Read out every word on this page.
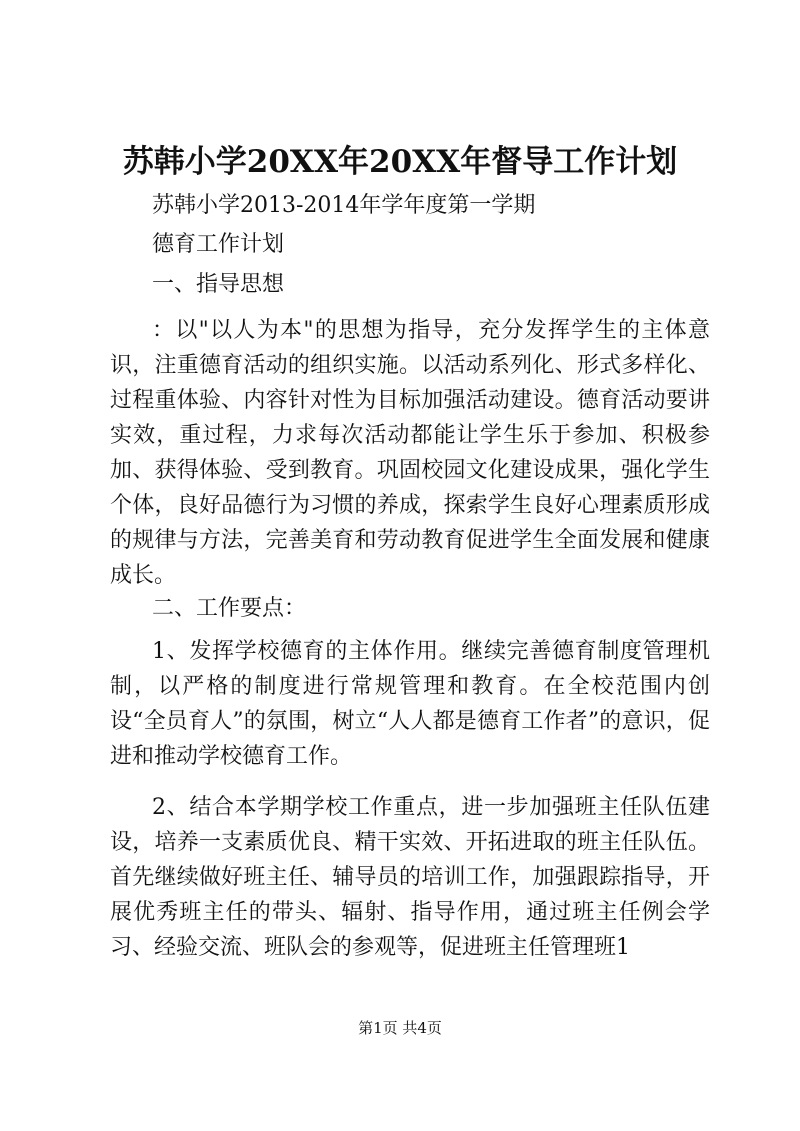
苏韩小学20XX年20XX年督导工作计划
苏韩小学2013-2014年学年度第一学期
德育工作计划
一、指导思想
：以"以人为本"的思想为指导，充分发挥学生的主体意识，注重德育活动的组织实施。以活动系列化、形式多样化、过程重体验、内容针对性为目标加强活动建设。德育活动要讲实效，重过程，力求每次活动都能让学生乐于参加、积极参加、获得体验、受到教育。巩固校园文化建设成果，强化学生个体，良好品德行为习惯的养成，探索学生良好心理素质形成的规律与方法，完善美育和劳动教育促进学生全面发展和健康成长。
二、工作要点：
1、发挥学校德育的主体作用。继续完善德育制度管理机制，以严格的制度进行常规管理和教育。在全校范围内创设“全员育人”的氛围，树立“人人都是德育工作者”的意识，促进和推动学校德育工作。
2、结合本学期学校工作重点，进一步加强班主任队伍建设，培养一支素质优良、精干实效、开拓进取的班主任队伍。首先继续做好班主任、辅导员的培训工作，加强跟踪指导，开展优秀班主任的带头、辐射、指导作用，通过班主任例会学习、经验交流、班队会的参观等，促进班主任管理班1
第1页 共4页
